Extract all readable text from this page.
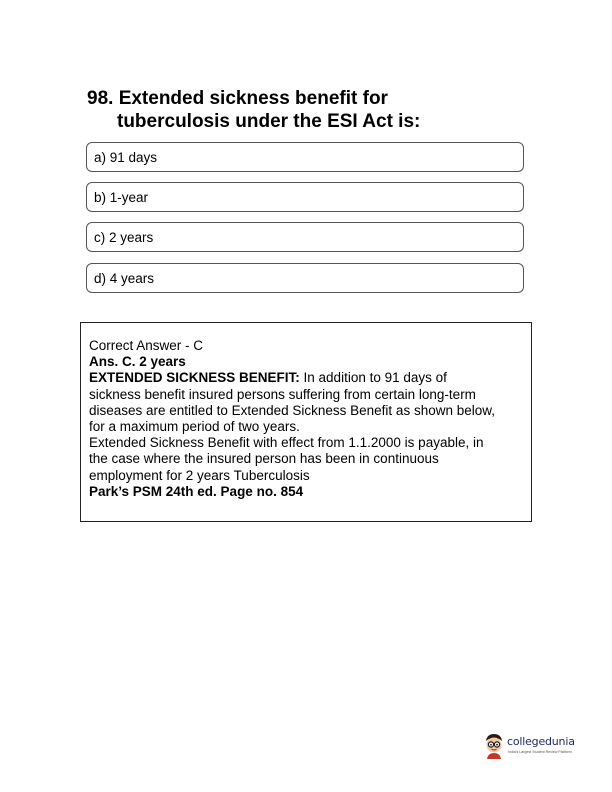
98. Extended sickness benefit for
tuberculosis under the ESI Act is:
a) 91 days
b) 1-year
c) 2 years
d) 4 years
Correct Answer - C
Ans. C. 2 years
EXTENDED SICKNESS BENEFIT: In addition to 91 days of
sickness benefit insured persons suffering from certain long-term
diseases are entitled to Extended Sickness Benefit as shown below,
for a maximum period of two years.
Extended Sickness Benefit with effect from 1.1.2000 is payable, in
the case where the insured person has been in continuous
employment for 2 years Tuberculosis
Park’s PSM 24th ed. Page no. 854
collegedunia
India's Largest Student Review Platform
